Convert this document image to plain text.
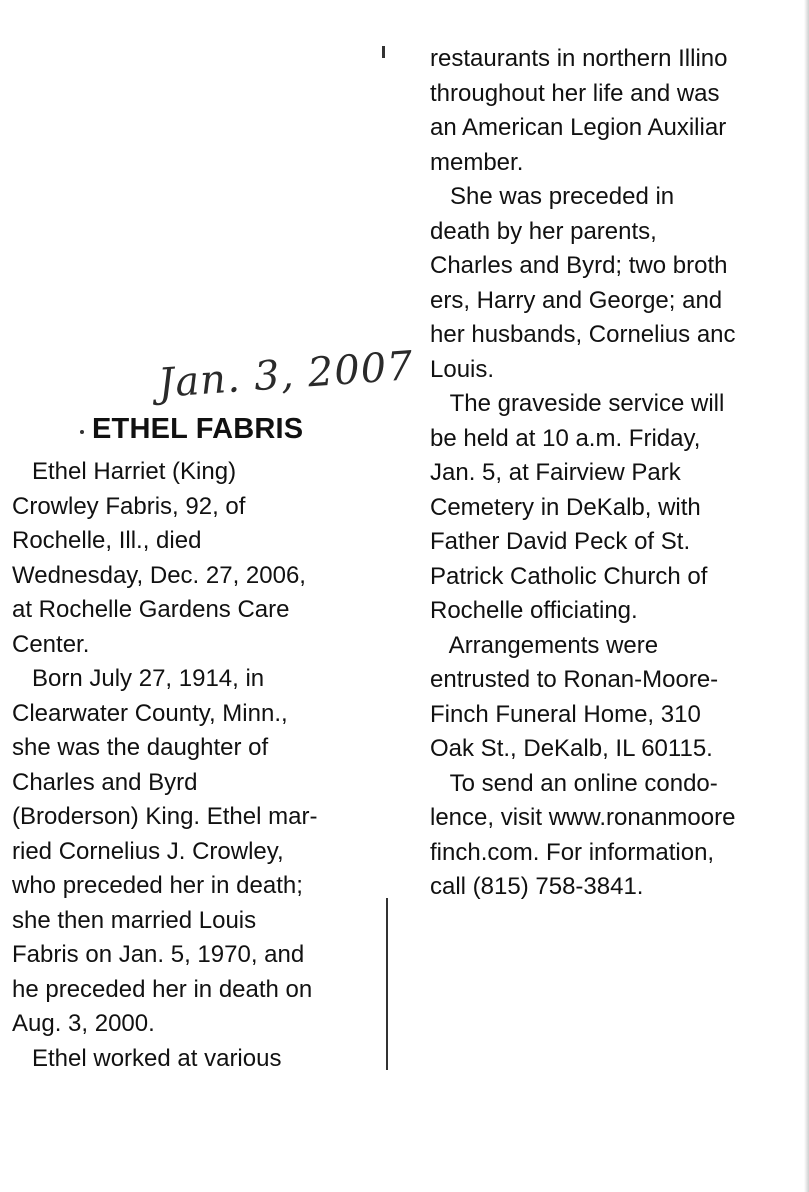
Jan. 3, 2007
ETHEL FABRIS
Ethel Harriet (King)
Crowley Fabris, 92, of
Rochelle, Ill., died
Wednesday, Dec. 27, 2006,
at Rochelle Gardens Care
Center.
Born July 27, 1914, in
Clearwater County, Minn.,
she was the daughter of
Charles and Byrd
(Broderson) King. Ethel mar-
ried Cornelius J. Crowley,
who preceded her in death;
she then married Louis
Fabris on Jan. 5, 1970, and
he preceded her in death on
Aug. 3, 2000.
Ethel worked at various
restaurants in northern Illino
throughout her life and was
an American Legion Auxiliar
member.
She was preceded in
death by her parents,
Charles and Byrd; two broth
ers, Harry and George; and
her husbands, Cornelius anc
Louis.
The graveside service will
be held at 10 a.m. Friday,
Jan. 5, at Fairview Park
Cemetery in DeKalb, with
Father David Peck of St.
Patrick Catholic Church of
Rochelle officiating.
Arrangements were
entrusted to Ronan-Moore-
Finch Funeral Home, 310
Oak St., DeKalb, IL 60115.
To send an online condo-
lence, visit www.ronanmoore
finch.com. For information,
call (815) 758-3841.
